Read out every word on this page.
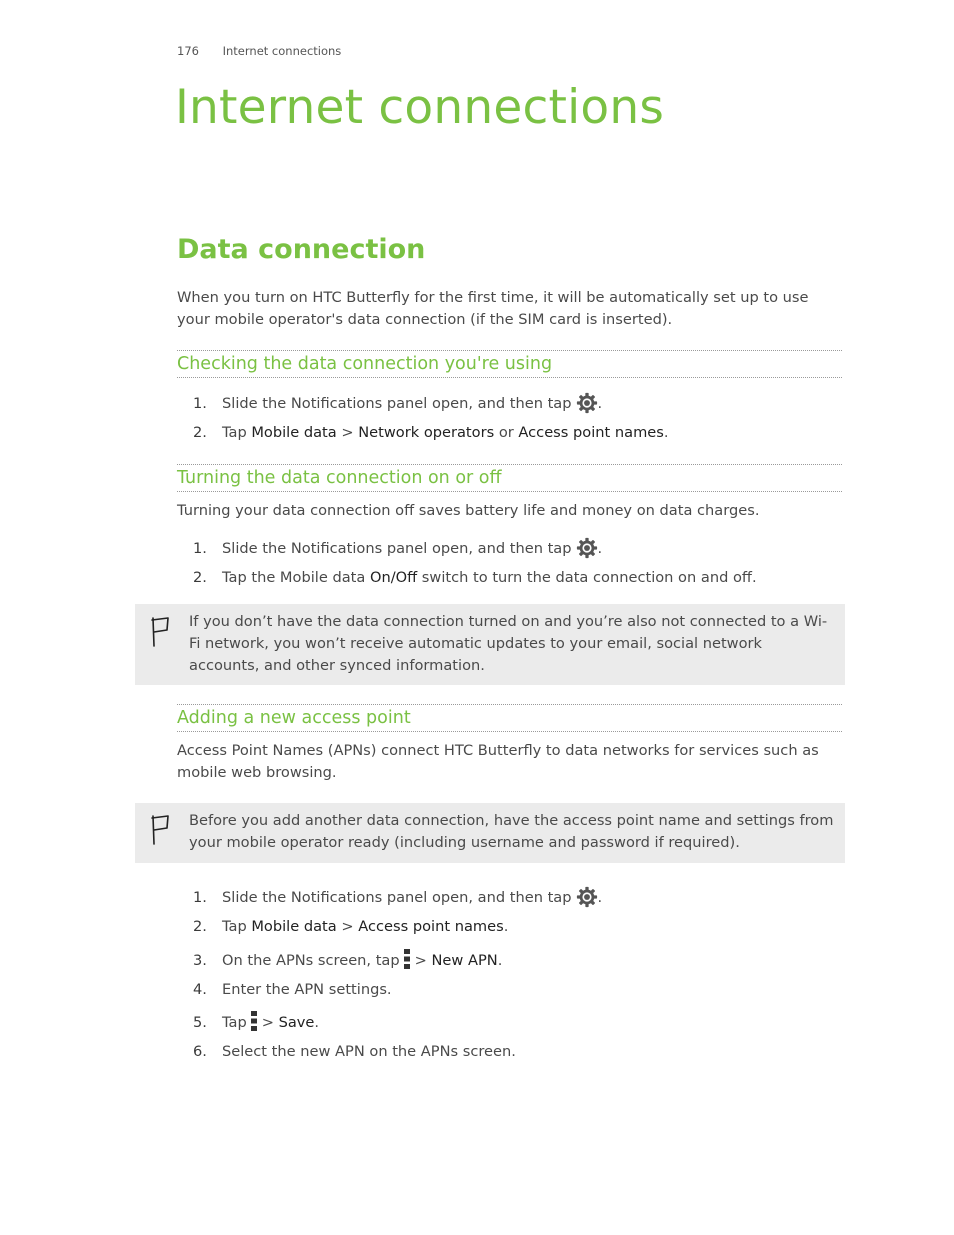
176 Internet connections
Internet connections
Data connection

When you turn on HTC Butterfly for the first time, it will be automatically set up to use your mobile operator's data connection (if the SIM card is inserted).

Checking the data connection you're using
1. Slide the Notifications panel open, and then tap .
2. Tap Mobile data > Network operators or Access point names.
Turning the data connection on or off

Turning your data connection off saves battery life and money on data charges.

1. Slide the Notifications panel open, and then tap .
2. Tap the Mobile data On/Off switch to turn the data connection on and off.

If you don’t have the data connection turned on and you’re also not connected to a Wi-Fi network, you won’t receive automatic updates to your email, social network accounts, and other synced information.

Adding a new access point

Access Point Names (APNs) connect HTC Butterfly to data networks for services such as mobile web browsing.

Before you add another data connection, have the access point name and settings from your mobile operator ready (including username and password if required).

1. Slide the Notifications panel open, and then tap .
2. Tap Mobile data > Access point names.
3. On the APNs screen, tap > New APN.
4. Enter the APN settings.
5. Tap > Save.
6. Select the new APN on the APNs screen.
